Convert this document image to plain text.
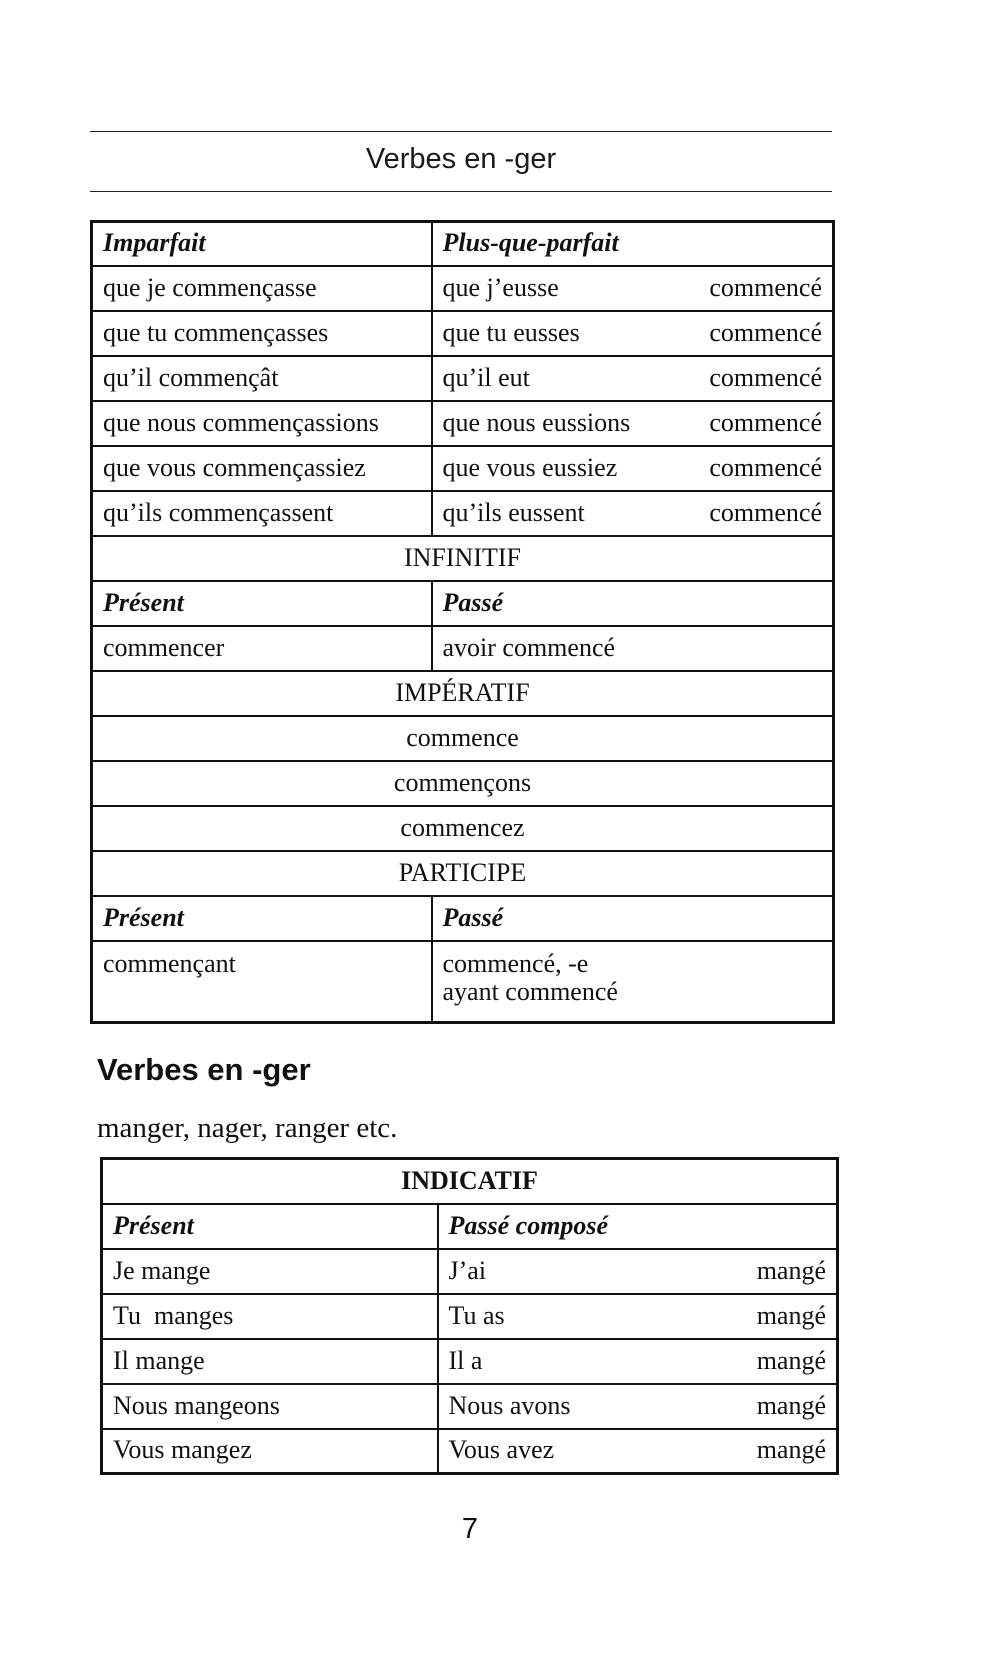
Verbes en -ger
Imparfait	Plus-que-parfait
que je commençasse	que j’eusse commencé

que tu commençasses	que tu eusses commencé

qu’il commençât	qu’il eut commencé

que nous commençassions	que nous eussions commencé

que vous commençassiez	que vous eussiez commencé

qu’ils commençassent	qu’ils eussent commencé

INFINITIF	
Présent	Passé
commencer	avoir commencé
IMPÉRATIF	
commence	
commençons	
commencez	
PARTICIPE	
Présent	Passé
commençant	commencé, -e
ayant commencé
Verbes en -ger
manger, nager, ranger etc.
INDICATIF	
Présent	Passé composé
Je mange	J’ai mangé

Tu  manges	Tu as mangé

Il mange	Il a mangé

Nous mangeons	Nous avons mangé

Vous mangez	Vous avez mangé
7
